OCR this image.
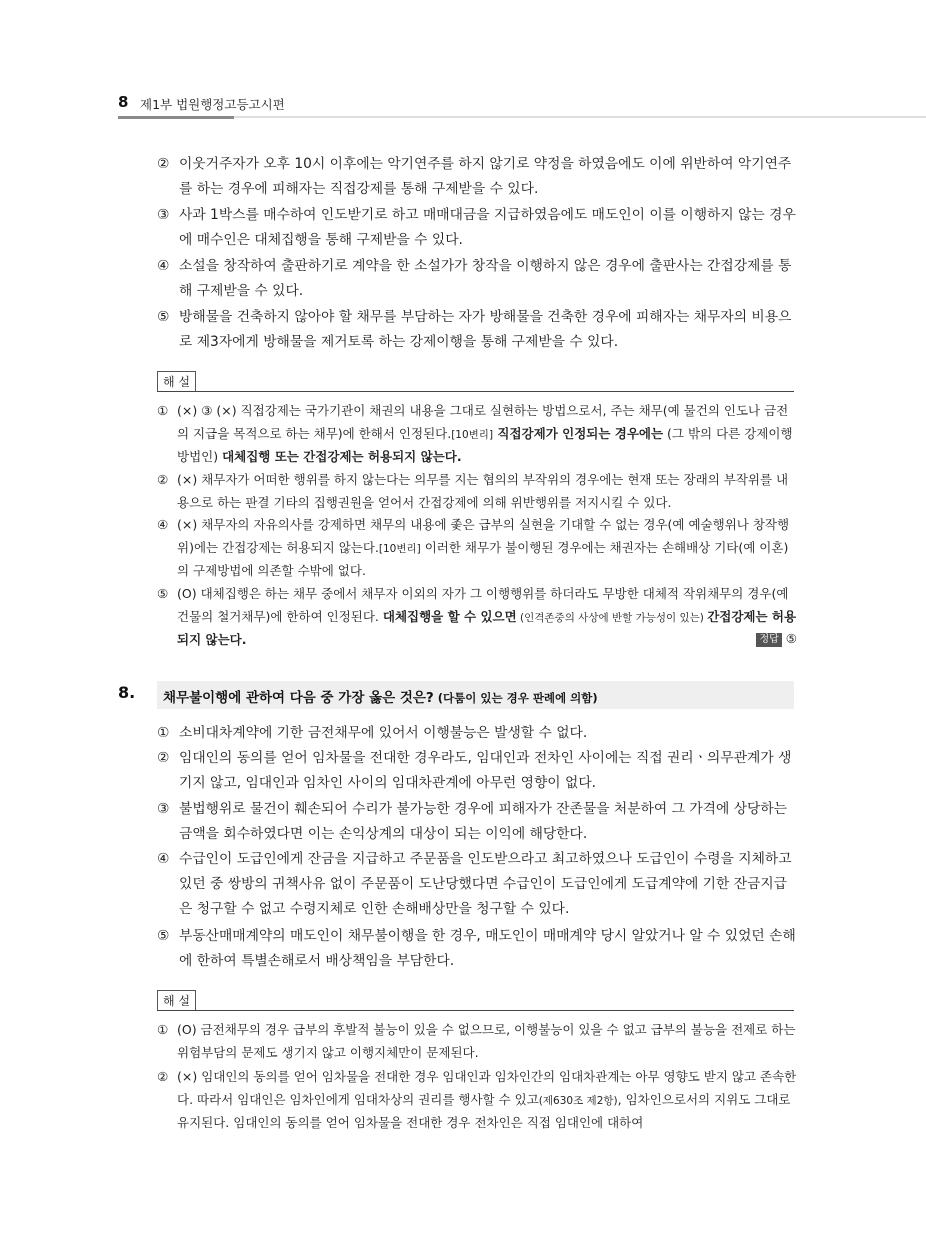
8 제1부 법원행정고등고시편
② 이웃거주자가 오후 10시 이후에는 악기연주를 하지 않기로 약정을 하였음에도 이에 위반하여 악기연주를 하는 경우에 피해자는 직접강제를 통해 구제받을 수 있다.
③ 사과 1박스를 매수하여 인도받기로 하고 매매대금을 지급하였음에도 매도인이 이를 이행하지 않는 경우에 매수인은 대체집행을 통해 구제받을 수 있다.
④ 소설을 창작하여 출판하기로 계약을 한 소설가가 창작을 이행하지 않은 경우에 출판사는 간접강제를 통해 구제받을 수 있다.
⑤ 방해물을 건축하지 않아야 할 채무를 부담하는 자가 방해물을 건축한 경우에 피해자는 채무자의 비용으로 제3자에게 방해물을 제거토록 하는 강제이행을 통해 구제받을 수 있다.
해 설
① (×) ③ (×) 직접강제는 국가기관이 채권의 내용을 그대로 실현하는 방법으로서, 주는 채무(예 물건의 인도나 금전의 지급을 목적으로 하는 채무)에 한해서 인정된다.[10변리] 직접강제가 인정되는 경우에는 (그 밖의 다른 강제이행 방법인) 대체집행 또는 간접강제는 허용되지 않는다.
② (×) 채무자가 어떠한 행위를 하지 않는다는 의무를 지는 협의의 부작위의 경우에는 현재 또는 장래의 부작위를 내용으로 하는 판결 기타의 집행권원을 얻어서 간접강제에 의해 위반행위를 저지시킬 수 있다.
④ (×) 채무자의 자유의사를 강제하면 채무의 내용에 좇은 급부의 실현을 기대할 수 없는 경우(예 예술행위나 창작행위)에는 간접강제는 허용되지 않는다.[10변리] 이러한 채무가 불이행된 경우에는 채권자는 손해배상 기타(예 이혼)의 구제방법에 의존할 수밖에 없다.
⑤ (O) 대체집행은 하는 채무 중에서 채무자 이외의 자가 그 이행행위를 하더라도 무방한 대체적 작위채무의 경우(예 건물의 철거채무)에 한하여 인정된다. 대체집행을 할 수 있으면 (인격존중의 사상에 반할 가능성이 있는) 간접강제는 허용되지 않는다.	정답 ⑤
8. 채무불이행에 관하여 다음 중 가장 옳은 것은? (다툼이 있는 경우 판례에 의함)
① 소비대차계약에 기한 금전채무에 있어서 이행불능은 발생할 수 없다.
② 임대인의 동의를 얻어 임차물을 전대한 경우라도, 임대인과 전차인 사이에는 직접 권리ㆍ의무관계가 생기지 않고, 임대인과 임차인 사이의 임대차관계에 아무런 영향이 없다.
③ 불법행위로 물건이 훼손되어 수리가 불가능한 경우에 피해자가 잔존물을 처분하여 그 가격에 상당하는 금액을 회수하였다면 이는 손익상계의 대상이 되는 이익에 해당한다.
④ 수급인이 도급인에게 잔금을 지급하고 주문품을 인도받으라고 최고하였으나 도급인이 수령을 지체하고 있던 중 쌍방의 귀책사유 없이 주문품이 도난당했다면 수급인이 도급인에게 도급계약에 기한 잔금지급은 청구할 수 없고 수령지체로 인한 손해배상만을 청구할 수 있다.
⑤ 부동산매매계약의 매도인이 채무불이행을 한 경우, 매도인이 매매계약 당시 알았거나 알 수 있었던 손해에 한하여 특별손해로서 배상책임을 부담한다.
해 설
① (O) 금전채무의 경우 급부의 후발적 불능이 있을 수 없으므로, 이행불능이 있을 수 없고 급부의 불능을 전제로 하는 위험부담의 문제도 생기지 않고 이행지체만이 문제된다.
② (×) 임대인의 동의를 얻어 임차물을 전대한 경우 임대인과 임차인간의 임대차관계는 아무 영향도 받지 않고 존속한다. 따라서 임대인은 임차인에게 임대차상의 권리를 행사할 수 있고(제630조 제2항), 임차인으로서의 지위도 그대로 유지된다. 임대인의 동의를 얻어 임차물을 전대한 경우 전차인은 직접 임대인에 대하여
